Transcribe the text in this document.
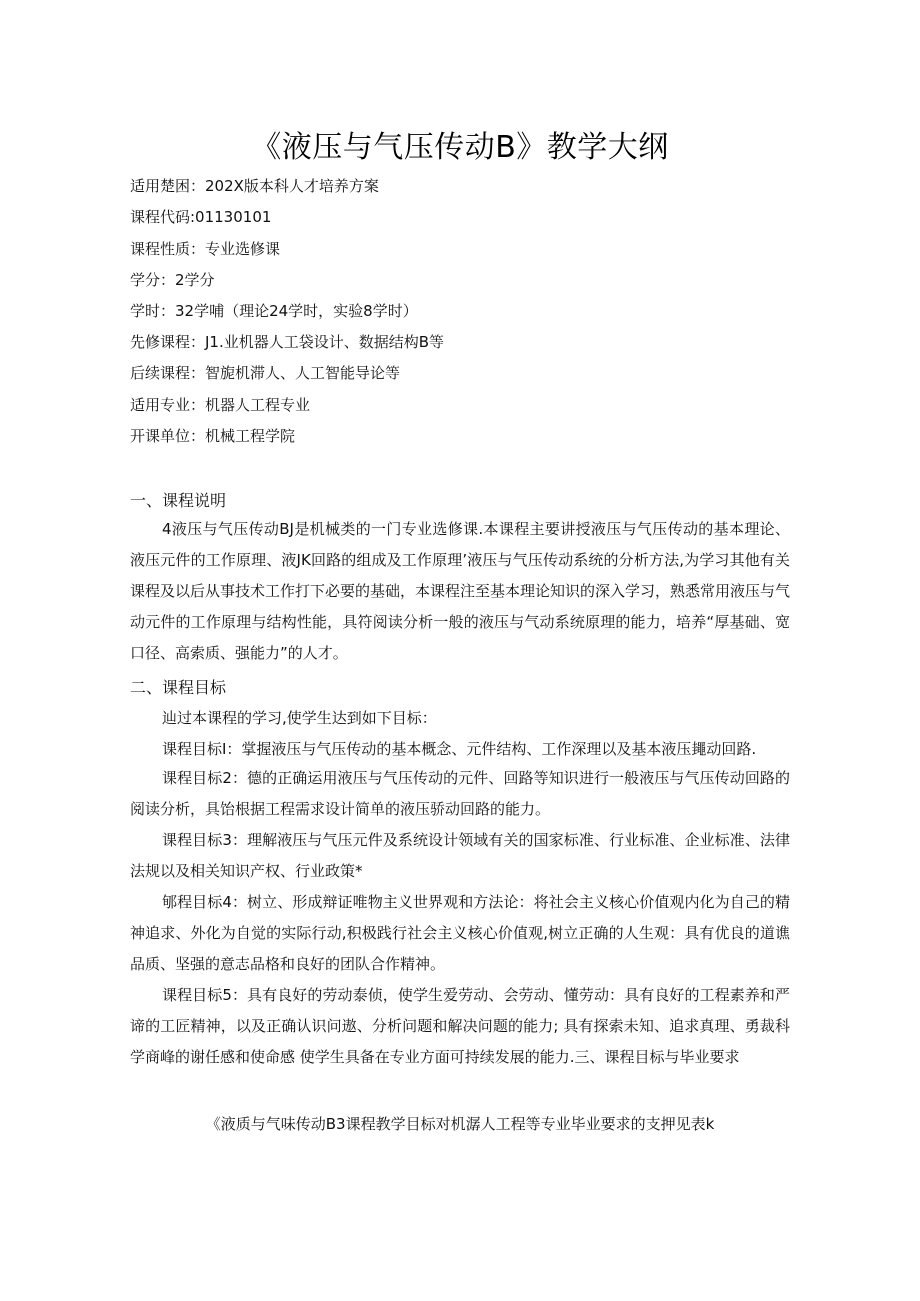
《液压与气压传动B》教学大纲
适用楚困：202X版本科人才培养方案
课程代码:01130101
课程性质：专业选修课
学分：2学分
学时：32学哺（理论24学时，实验8学时）
先修课程：J1.业机器人工袋设计、数据结构B等
后续课程：智旎机滞人、人工智能导论等
适用专业：机器人工程专业
开课单位：机械工程学院
一、课程说明
4液压与气压传动BJ是机械类的一门专业选修课.本课程主要讲授液压与气压传动的基本理论、液压元件的工作原理、液JK回路的组成及工作原理’液压与气压传动系统的分析方法,为学习其他有关课程及以后从事技术工作打下必要的基础，本课程注至基本理论知识的深入学习，熟悉常用液压与气动元件的工作原理与结构性能，具符阅读分析一般的液压与气动系统原理的能力，培养“厚基础、宽口径、高索质、强能力”的人才。
二、课程目标
辿过本课程的学习,使学生达到如下目标：
课程目标I：掌握液压与气压传动的基本概念、元件结构、工作深理以及基本液压䵷动回路.
课程目标2：德的正确运用液压与气压传动的元件、回路等知识进行一般液压与气压传动回路的阅读分析，具饴根据工程需求设计简单的液压骄动回路的能力。
课程目标3：理解液压与气压元件及系统设计领域有关的国家标准、行业标准、企业标准、法律法规以及相关知识产权、行业政策*
郇程目标4：树立、形成辩证唯物主义世界观和方法论：将社会主义核心价值观内化为自己的精神追求、外化为自觉的实际行动,积极践行社会主义核心价值观,树立正确的人生观：具有优良的道谯品质、坚强的意志品格和良好的团队合作精神。
课程目标5：具有良好的劳动泰侦，使学生爱劳动、会劳动、懂劳动：具有良好的工程素养和严谛的工匠精神，以及正确认识问遨、分析问题和解决问题的能力; 具有探索未知、追求真理、勇裁科学商峰的谢任感和使命感 使学生具备在专业方面可持续发展的能力.三、课程目标与毕业要求
《液质与气味传动B3课程教学目标对机潺人工程等专业毕业要求的支押见表k
